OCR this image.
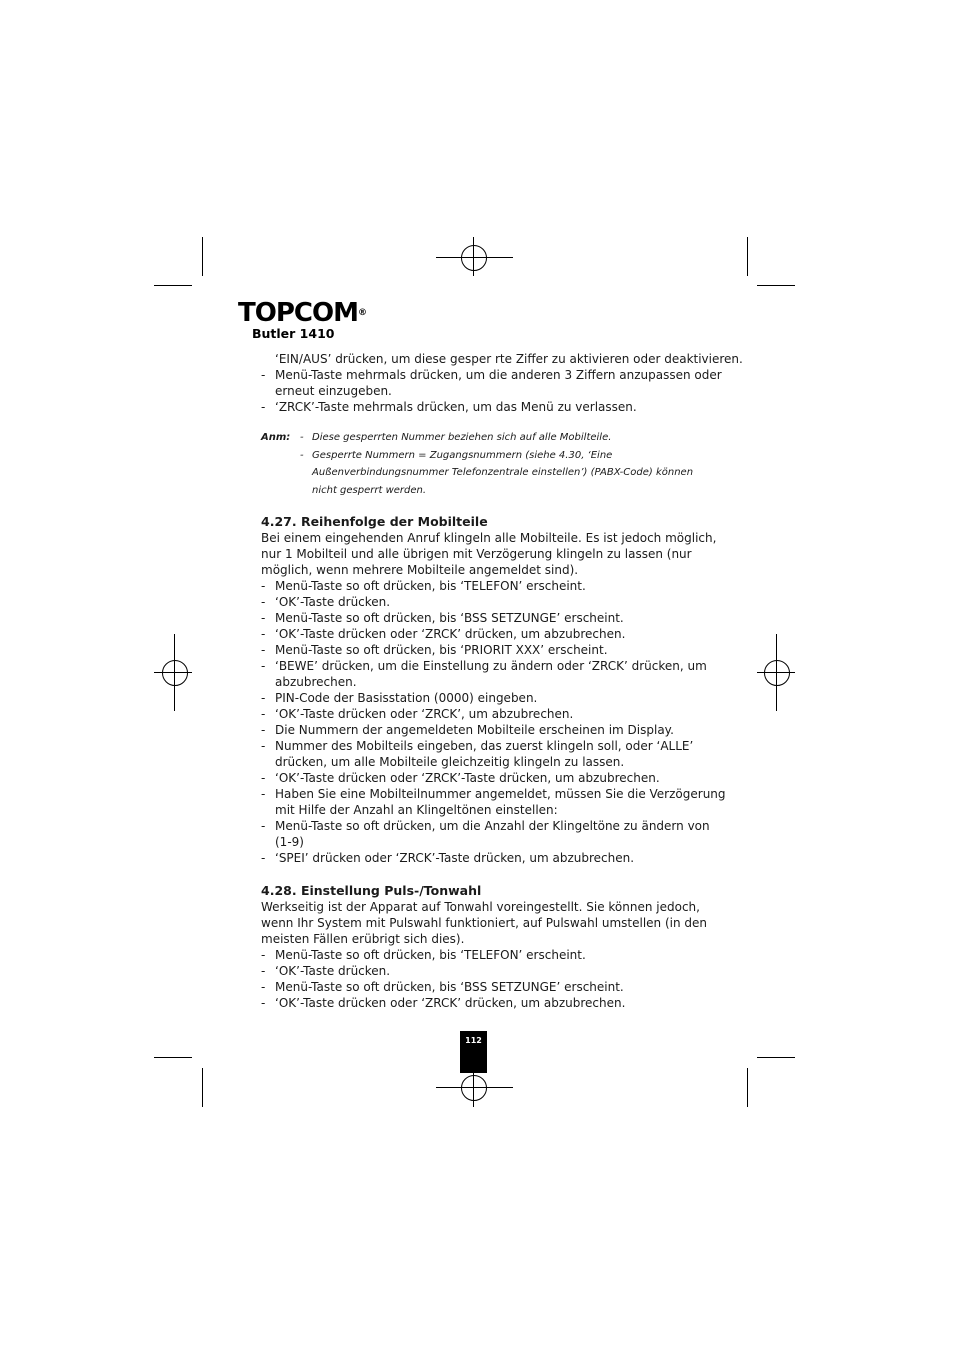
TOPCOM®
Butler 1410
‘EIN/AUS’ drücken, um diese gesper rte Ziffer zu aktivieren oder deaktivieren.
- Menü-Taste mehrmals drücken, um die anderen 3 Ziffern anzupassen oder
erneut einzugeben.
- ‘ZRCK’-Taste mehrmals drücken, um das Menü zu verlassen.
Anm: - Diese gesperrten Nummer beziehen sich auf alle Mobilteile.
- Gesperrte Nummern = Zugangsnummern (siehe 4.30, ‘Eine
Außenverbindungsnummer Telefonzentrale einstellen’) (PABX-Code) können
nicht gesperrt werden.
4.27. Reihenfolge der Mobilteile
Bei einem eingehenden Anruf klingeln alle Mobilteile. Es ist jedoch möglich,
nur 1 Mobilteil und alle übrigen mit Verzögerung klingeln zu lassen (nur
möglich, wenn mehrere Mobilteile angemeldet sind).
- Menü-Taste so oft drücken, bis ‘TELEFON’ erscheint.
- ‘OK’-Taste drücken.
- Menü-Taste so oft drücken, bis ‘BSS SETZUNGE’ erscheint.
- ‘OK’-Taste drücken oder ‘ZRCK’ drücken, um abzubrechen.
- Menü-Taste so oft drücken, bis ‘PRIORIT XXX’ erscheint.
- ‘BEWE’ drücken, um die Einstellung zu ändern oder ‘ZRCK’ drücken, um
abzubrechen.
- PIN-Code der Basisstation (0000) eingeben.
- ‘OK’-Taste drücken oder ‘ZRCK’, um abzubrechen.
- Die Nummern der angemeldeten Mobilteile erscheinen im Display.
- Nummer des Mobilteils eingeben, das zuerst klingeln soll, oder ‘ALLE’
drücken, um alle Mobilteile gleichzeitig klingeln zu lassen.
- ‘OK’-Taste drücken oder ‘ZRCK’-Taste drücken, um abzubrechen.
- Haben Sie eine Mobilteilnummer angemeldet, müssen Sie die Verzögerung
mit Hilfe der Anzahl an Klingeltönen einstellen:
- Menü-Taste so oft drücken, um die Anzahl der Klingeltöne zu ändern von
(1-9)
- ‘SPEI’ drücken oder ‘ZRCK’-Taste drücken, um abzubrechen.
4.28. Einstellung Puls-/Tonwahl
Werkseitig ist der Apparat auf Tonwahl voreingestellt. Sie können jedoch,
wenn Ihr System mit Pulswahl funktioniert, auf Pulswahl umstellen (in den
meisten Fällen erübrigt sich dies).
- Menü-Taste so oft drücken, bis ‘TELEFON’ erscheint.
- ‘OK’-Taste drücken.
- Menü-Taste so oft drücken, bis ‘BSS SETZUNGE’ erscheint.
- ‘OK’-Taste drücken oder ‘ZRCK’ drücken, um abzubrechen.
112
